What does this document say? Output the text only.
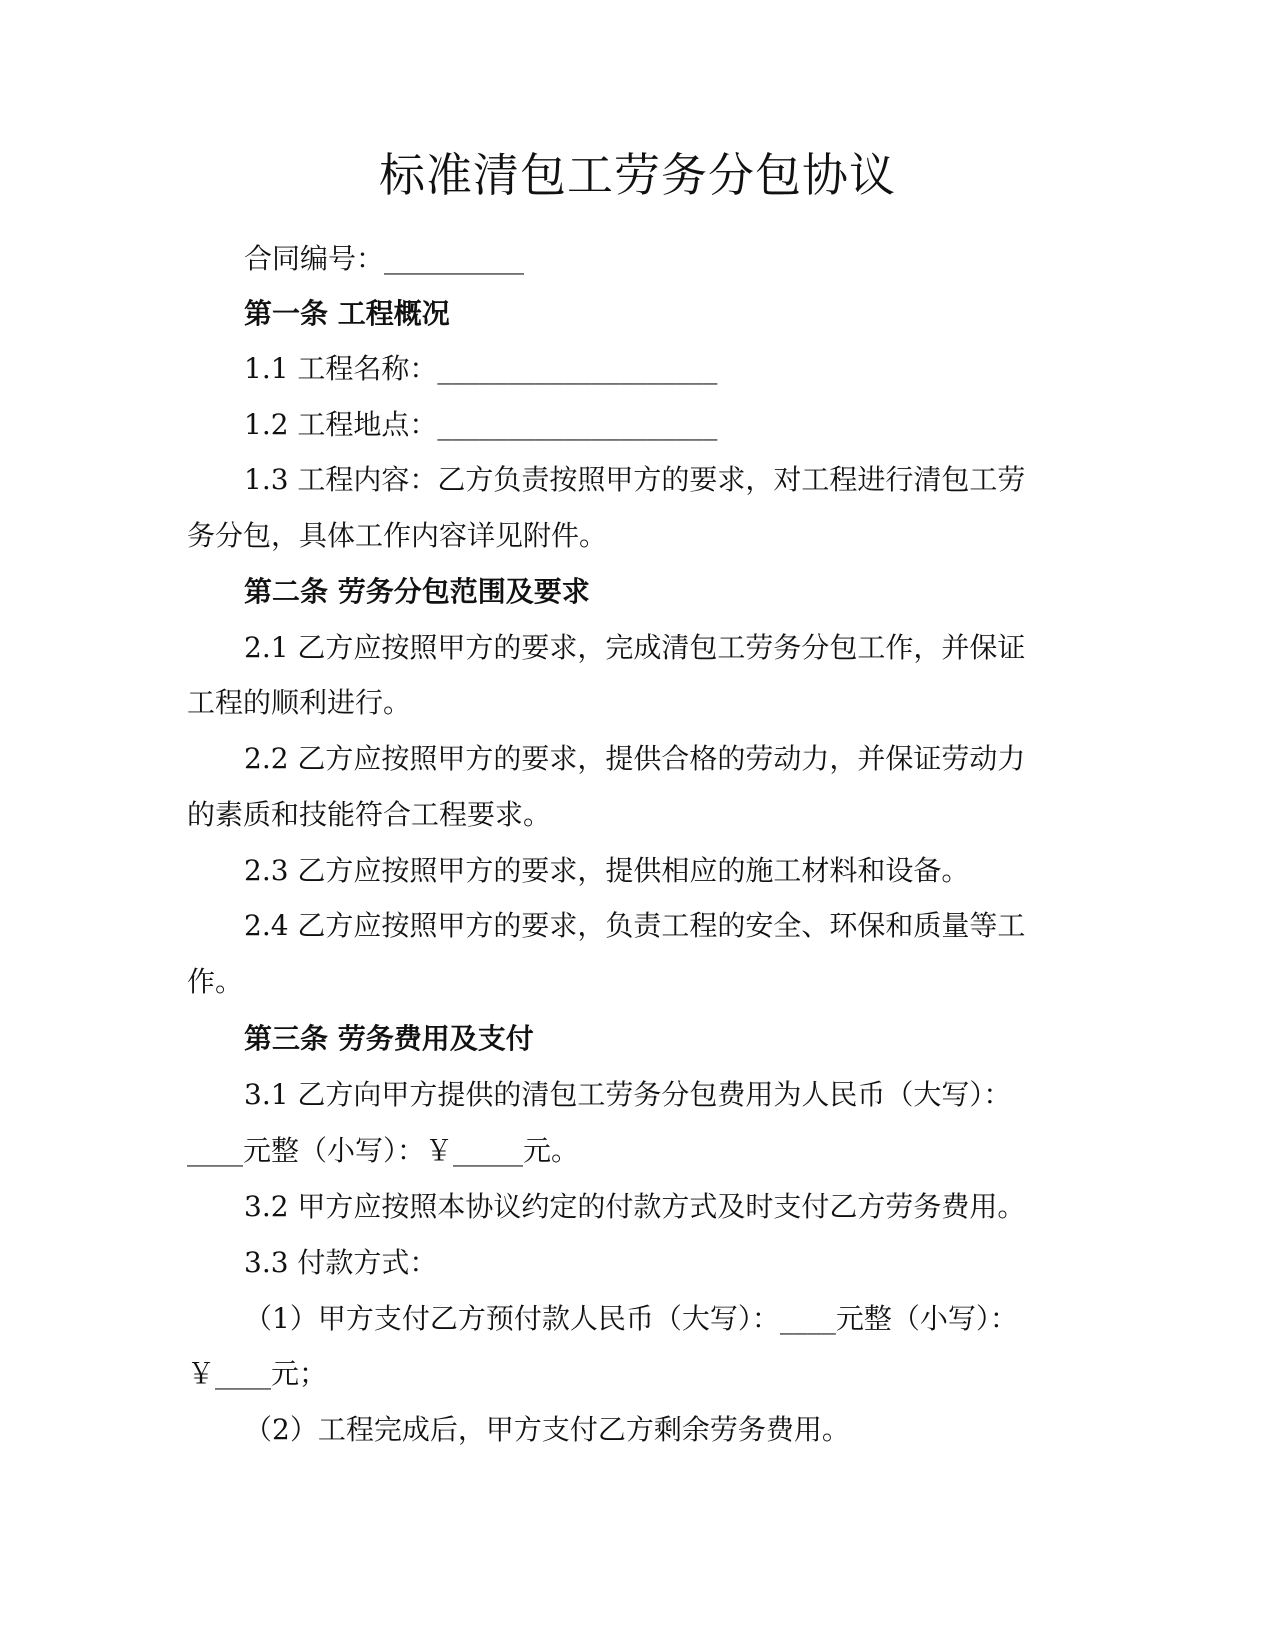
标准清包工劳务分包协议
合同编号：__________
第一条 工程概况
1.1 工程名称：____________________
1.2 工程地点：____________________
1.3 工程内容：乙方负责按照甲方的要求，对工程进行清包工劳
务分包，具体工作内容详见附件。
第二条 劳务分包范围及要求
2.1 乙方应按照甲方的要求，完成清包工劳务分包工作，并保证
工程的顺利进行。
2.2 乙方应按照甲方的要求，提供合格的劳动力，并保证劳动力
的素质和技能符合工程要求。
2.3 乙方应按照甲方的要求，提供相应的施工材料和设备。
2.4 乙方应按照甲方的要求，负责工程的安全、环保和质量等工
作。
第三条 劳务费用及支付
3.1 乙方向甲方提供的清包工劳务分包费用为人民币（大写）：
____元整（小写）：￥_____元。
3.2 甲方应按照本协议约定的付款方式及时支付乙方劳务费用。
3.3 付款方式：
（1）甲方支付乙方预付款人民币（大写）：____元整（小写）：
￥____元；
（2）工程完成后，甲方支付乙方剩余劳务费用。
